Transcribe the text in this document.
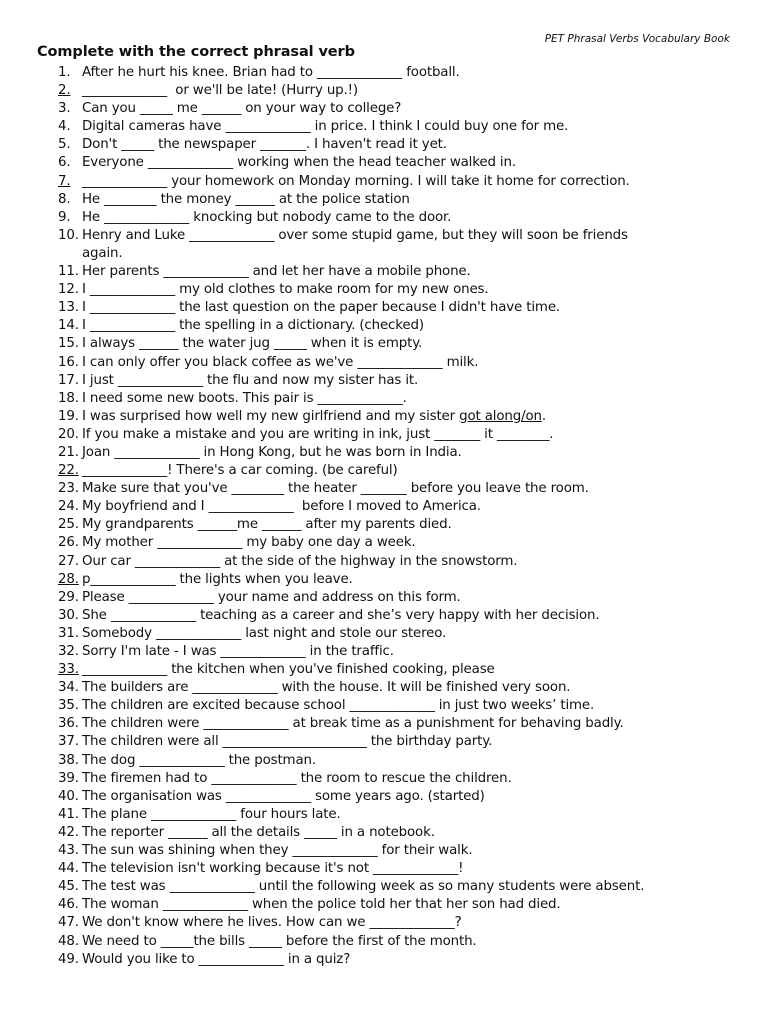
PET Phrasal Verbs Vocabulary Book
Complete with the correct phrasal verb
1. After he hurt his knee. Brian had to _____________ football.
2. _____________  or we'll be late! (Hurry up.!)
3. Can you _____ me ______ on your way to college?
4. Digital cameras have _____________ in price. I think I could buy one for me.
5. Don't _____ the newspaper _______. I haven't read it yet.
6. Everyone _____________ working when the head teacher walked in.
7. _____________ your homework on Monday morning. I will take it home for correction.
8. He ________ the money ______ at the police station
9. He _____________ knocking but nobody came to the door.
10. Henry and Luke _____________ over some stupid game, but they will soon be friends
again.
11. Her parents _____________ and let her have a mobile phone.
12. I _____________ my old clothes to make room for my new ones.
13. I _____________ the last question on the paper because I didn't have time.
14. I _____________ the spelling in a dictionary. (checked)
15. I always ______ the water jug _____ when it is empty.
16. I can only offer you black coffee as we've _____________ milk.
17. I just _____________ the flu and now my sister has it.
18. I need some new boots. This pair is _____________.
19. I was surprised how well my new girlfriend and my sister got along/on .
20. If you make a mistake and you are writing in ink, just _______ it ________.
21. Joan _____________ in Hong Kong, but he was born in India.
22. _____________! There's a car coming. (be careful)
23. Make sure that you've ________ the heater _______ before you leave the room.
24. My boyfriend and I _____________  before I moved to America.
25. My grandparents ______me ______ after my parents died.
26. My mother _____________ my baby one day a week.
27. Our car _____________ at the side of the highway in the snowstorm.
28. p_____________ the lights when you leave.
29. Please _____________ your name and address on this form.
30. She _____________ teaching as a career and she’s very happy with her decision.
31. Somebody _____________ last night and stole our stereo.
32. Sorry I'm late - I was _____________ in the traffic.
33. _____________ the kitchen when you've finished cooking, please
34. The builders are _____________ with the house. It will be finished very soon.
35. The children are excited because school _____________ in just two weeks’ time.
36. The children were _____________ at break time as a punishment for behaving badly.
37. The children were all ______________________ the birthday party.
38. The dog _____________ the postman.
39. The firemen had to _____________ the room to rescue the children.
40. The organisation was _____________ some years ago. (started)
41. The plane _____________ four hours late.
42. The reporter ______ all the details _____ in a notebook.
43. The sun was shining when they _____________ for their walk.
44. The television isn't working because it's not _____________!
45. The test was _____________ until the following week as so many students were absent.
46. The woman _____________ when the police told her that her son had died.
47. We don't know where he lives. How can we _____________?
48. We need to _____the bills _____ before the first of the month.
49. Would you like to _____________ in a quiz?
